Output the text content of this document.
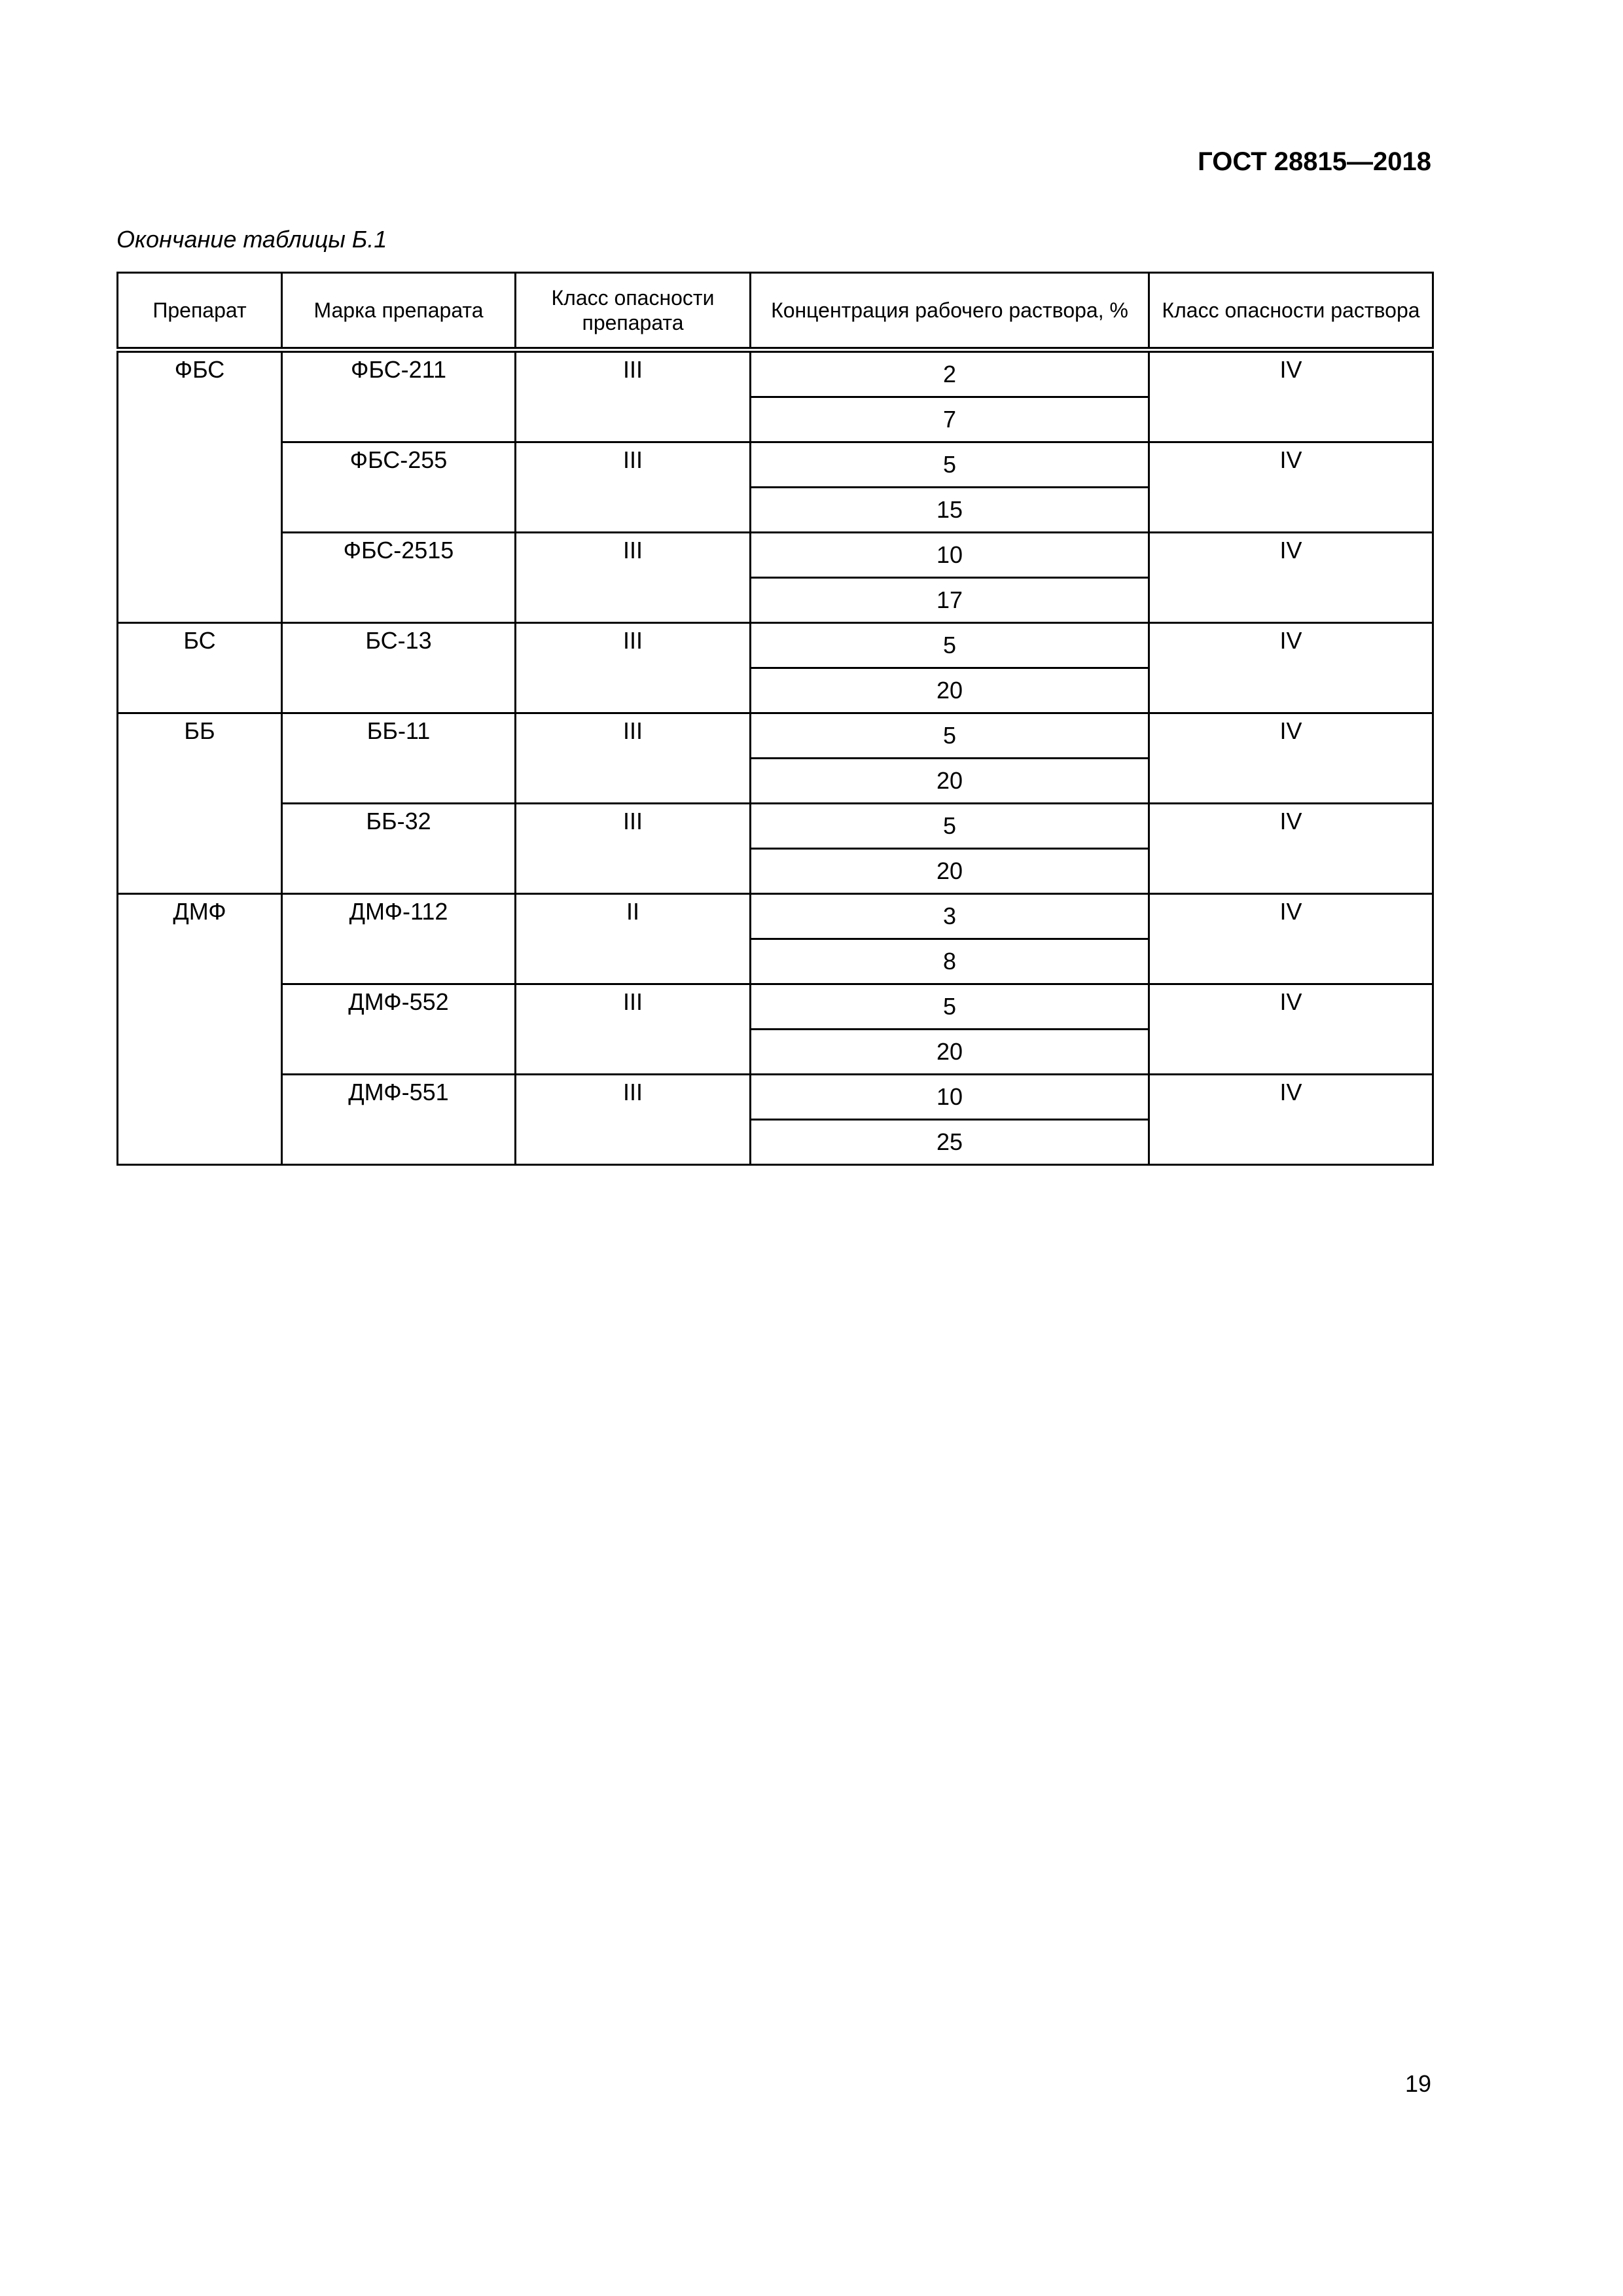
ГОСТ 28815—2018
Окончание таблицы Б.1
Препарат	Марка препарата	Класс опасности препарата	Концентрация рабочего раствора, %	Класс опасности раствора
ФБС	ФБС-211	III	2	IV
			7	
	ФБС-255	III	5	IV
			15	
	ФБС-2515	III	10	IV
			17	
БС	БС-13	III	5	IV
			20	
ББ	ББ-11	III	5	IV
			20	
	ББ-32	III	5	IV
			20	
ДМФ	ДМФ-112	II	3	IV
			8	
	ДМФ-552	III	5	IV
			20	
	ДМФ-551	III	10	IV
			25	
19
